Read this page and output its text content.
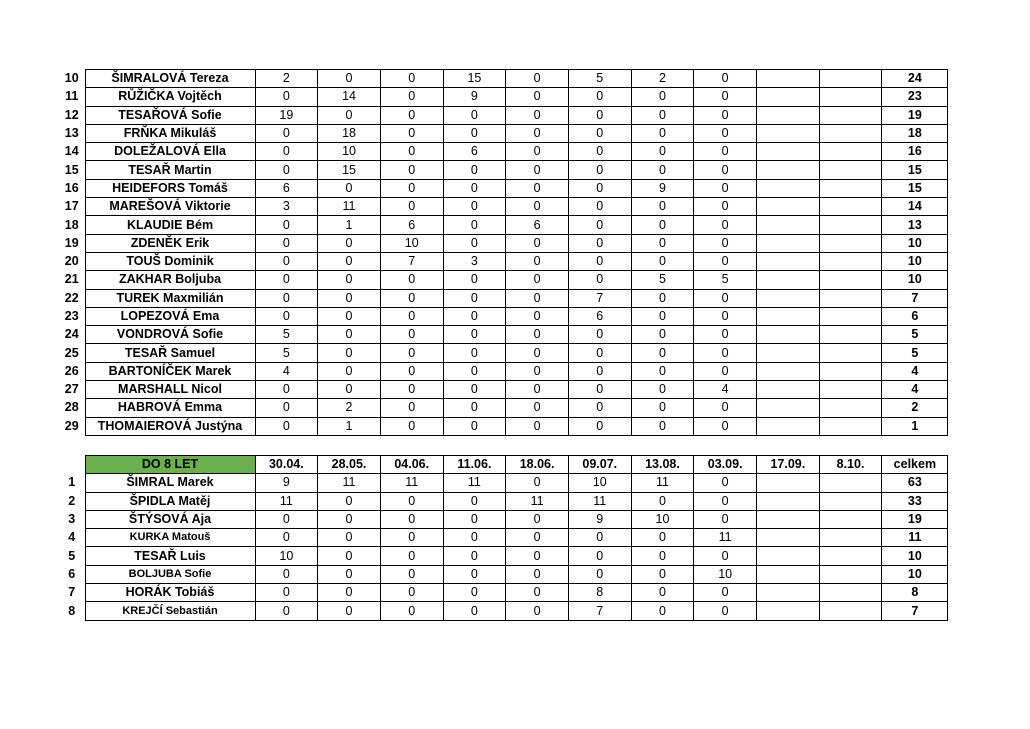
10	ŠIMRALOVÁ Tereza	2	0	0	15	0	5	2	0			24
11	RŮŽIČKA Vojtěch	0	14	0	9	0	0	0	0			23
12	TESAŘOVÁ Sofie	19	0	0	0	0	0	0	0			19
13	FRŇKA Mikuláš	0	18	0	0	0	0	0	0			18
14	DOLEŽALOVÁ Ella	0	10	0	6	0	0	0	0			16
15	TESAŘ Martin	0	15	0	0	0	0	0	0			15
16	HEIDEFORS Tomáš	6	0	0	0	0	0	9	0			15
17	MAREŠOVÁ Viktorie	3	11	0	0	0	0	0	0			14
18	KLAUDIE Bém	0	1	6	0	6	0	0	0			13
19	ZDENĚK Erik	0	0	10	0	0	0	0	0			10
20	TOUŠ Dominik	0	0	7	3	0	0	0	0			10
21	ZAKHAR Boljuba	0	0	0	0	0	0	5	5			10
22	TUREK Maxmilián	0	0	0	0	0	7	0	0			7
23	LOPEZOVÁ Ema	0	0	0	0	0	6	0	0			6
24	VONDROVÁ Sofie	5	0	0	0	0	0	0	0			5
25	TESAŘ Samuel	5	0	0	0	0	0	0	0			5
26	BARTONÍČEK Marek	4	0	0	0	0	0	0	0			4
27	MARSHALL Nicol	0	0	0	0	0	0	0	4			4
28	HABROVÁ Emma	0	2	0	0	0	0	0	0			2
29	THOMAIEROVÁ Justýna	0	1	0	0	0	0	0	0			1
	DO 8 LET	30.04.	28.05.	04.06.	11.06.	18.06.	09.07.	13.08.	03.09.	17.09.	8.10.	celkem
1	ŠIMRAL Marek	9	11	11	11	0	10	11	0			63
2	ŠPIDLA Matěj	11	0	0	0	11	11	0	0			33
3	ŠTÝSOVÁ Aja	0	0	0	0	0	9	10	0			19
4	KURKA Matouš	0	0	0	0	0	0	0	11			11
5	TESAŘ Luis	10	0	0	0	0	0	0	0			10
6	BOLJUBA Sofie	0	0	0	0	0	0	0	10			10
7	HORÁK Tobiáš	0	0	0	0	0	8	0	0			8
8	KREJČÍ Sebastián	0	0	0	0	0	7	0	0			7
